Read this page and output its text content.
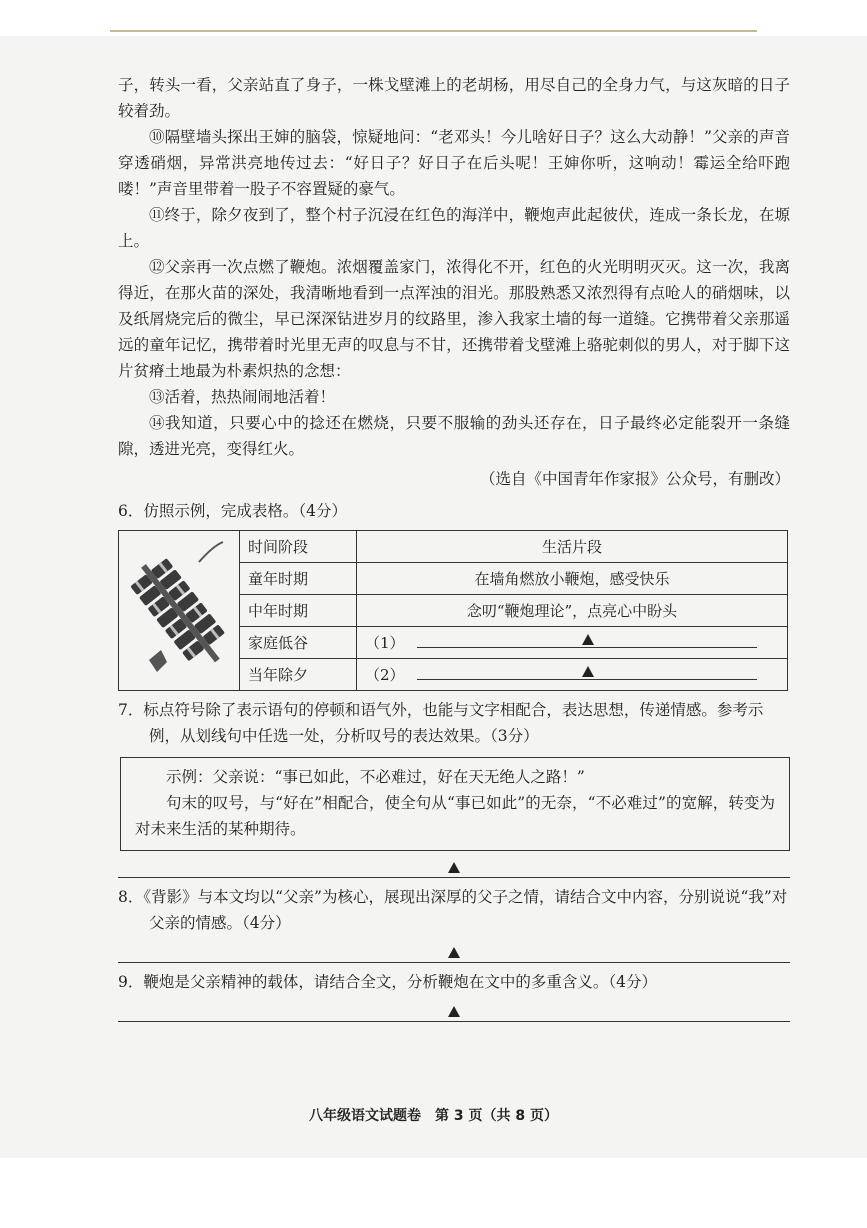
子，转头一看，父亲站直了身子，一株戈壁滩上的老胡杨，用尽自己的全身力气，与这灰暗的日子较着劲。

⑩隔壁墙头探出王婶的脑袋，惊疑地问：“老邓头！今儿啥好日子？这么大动静！”父亲的声音穿透硝烟，异常洪亮地传过去：“好日子？好日子在后头呢！王婶你听，这响动！霉运全给吓跑喽！”声音里带着一股子不容置疑的豪气。

⑪终于，除夕夜到了，整个村子沉浸在红色的海洋中，鞭炮声此起彼伏，连成一条长龙，在塬上。

⑫父亲再一次点燃了鞭炮。浓烟覆盖家门，浓得化不开，红色的火光明明灭灭。这一次，我离得近，在那火苗的深处，我清晰地看到一点浑浊的泪光。那股熟悉又浓烈得有点呛人的硝烟味，以及纸屑烧完后的微尘，早已深深钻进岁月的纹路里，渗入我家土墙的每一道缝。它携带着父亲那遥远的童年记忆，携带着时光里无声的叹息与不甘，还携带着戈壁滩上骆驼刺似的男人，对于脚下这片贫瘠土地最为朴素炽热的念想：

⑬活着，热热闹闹地活着！

⑭我知道，只要心中的捻还在燃烧，只要不服输的劲头还存在，日子最终必定能裂开一条缝隙，透进光亮，变得红火。

（选自《中国青年作家报》公众号，有删改）

6．仿照示例，完成表格。（4分）

	时间阶段	生活片段
	童年时期	在墙角燃放小鞭炮，感受快乐
	中年时期	念叨“鞭炮理论”，点亮心中盼头
	家庭低谷	（1）

	当年除夕	（2）

7．标点符号除了表示语句的停顿和语气外，也能与文字相配合，表达思想，传递情感。参考示例，从划线句中任选一处，分析叹号的表达效果。（3分）

示例：父亲说：“事已如此，不必难过，好在天无绝人之路！”

句末的叹号，与“好在”相配合，使全句从“事已如此”的无奈，“不必难过”的宽解，转变为对未来生活的某种期待。

8．《背影》与本文均以“父亲”为核心，展现出深厚的父子之情，请结合文中内容，分别说说“我”对父亲的情感。（4分）

9．鞭炮是父亲精神的载体，请结合全文，分析鞭炮在文中的多重含义。（4分）

八年级语文试题卷　第 3 页（共 8 页）
